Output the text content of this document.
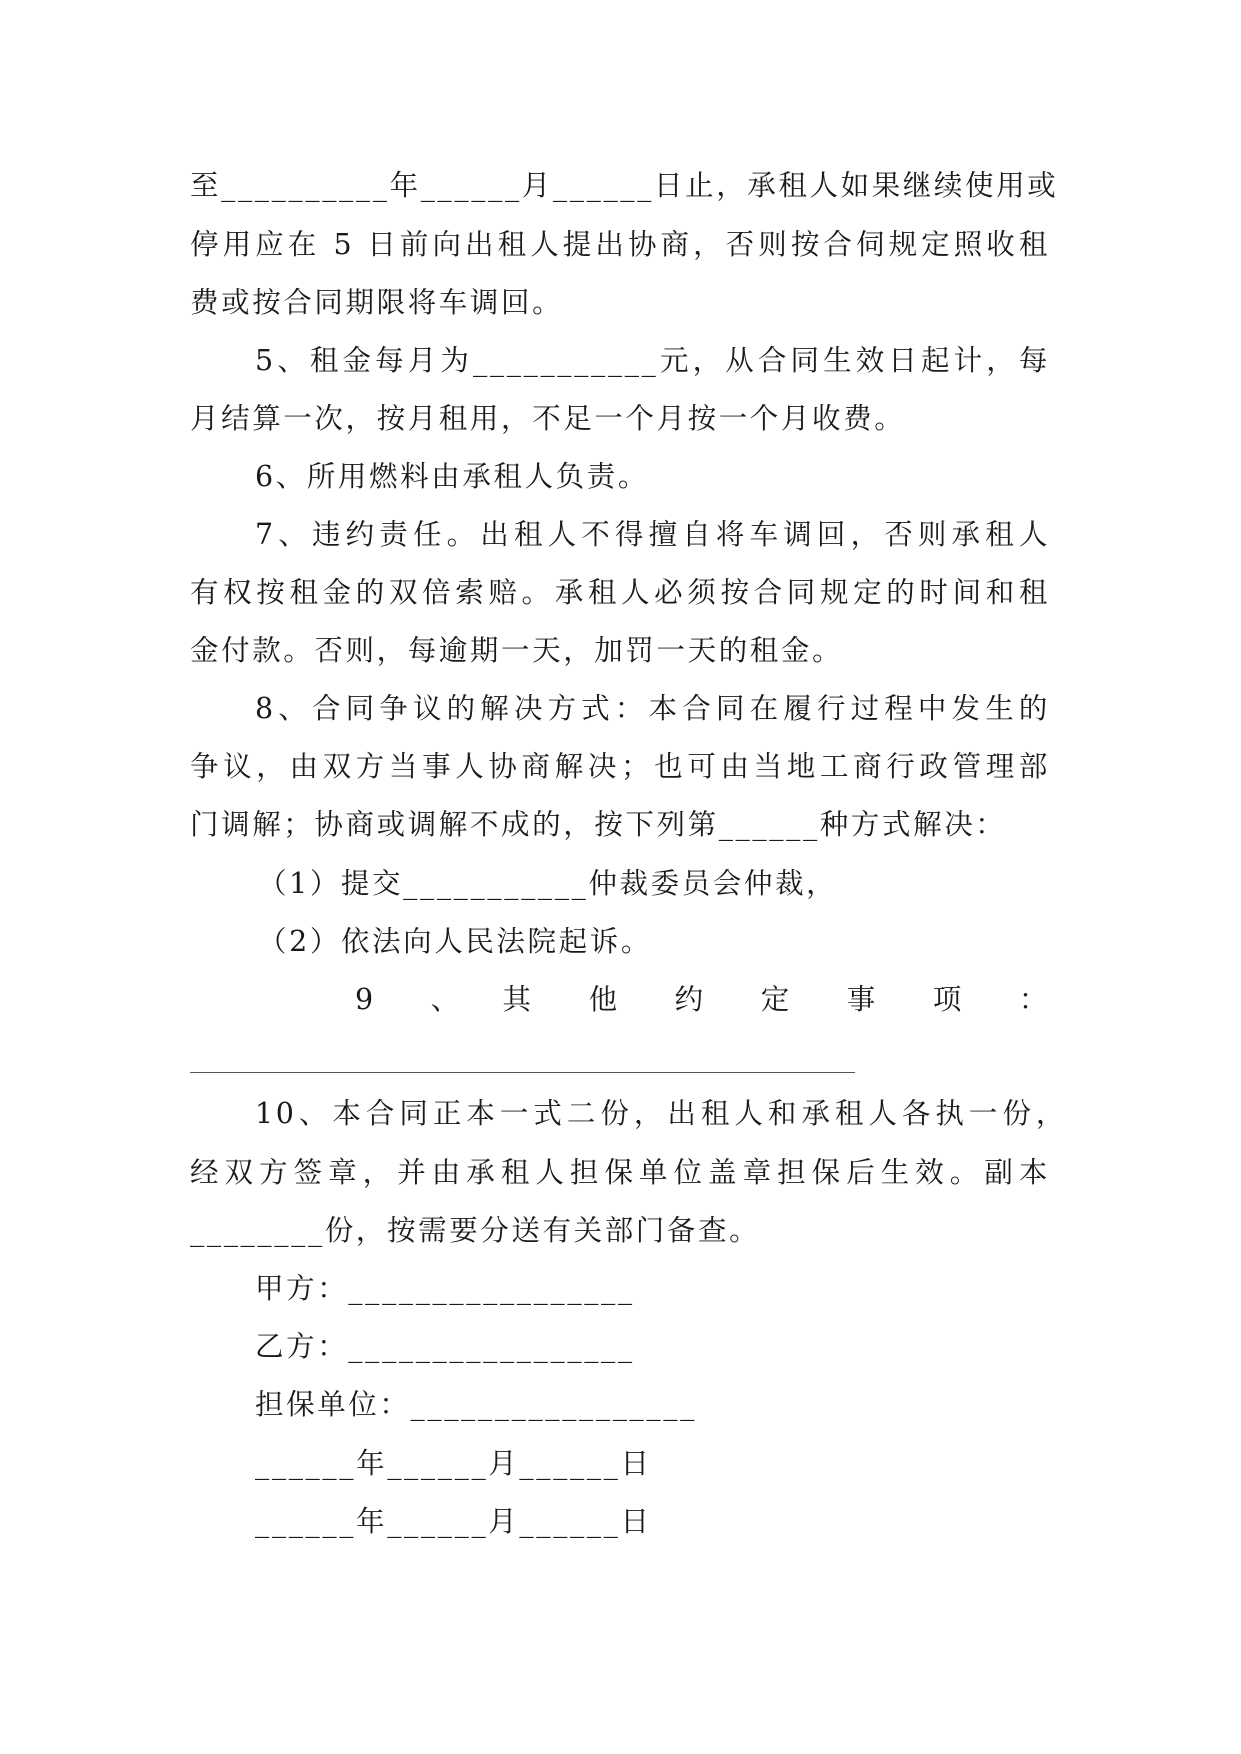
至__________年______月______日止，承租人如果继续使用或
停用应在 5 日前向出租人提出协商，否则按合伺规定照收租
费或按合同期限将车调回。
5、租金每月为___________元，从合同生效日起计，每
月结算一次，按月租用，不足一个月按一个月收费。
6、所用燃料由承租人负责。
7、违约责任。出租人不得擅自将车调回，否则承租人
有权按租金的双倍索赔。承租人必须按合同规定的时间和租
金付款。否则，每逾期一天，加罚一天的租金。
8、合同争议的解决方式：本合同在履行过程中发生的
争议，由双方当事人协商解决；也可由当地工商行政管理部
门调解；协商或调解不成的，按下列第______种方式解决：
（1）提交___________仲裁委员会仲裁，
（2）依法向人民法院起诉。
9　、　其　他　约　定　事　项　：
10、本合同正本一式二份，出租人和承租人各执一份，
经双方签章，并由承租人担保单位盖章担保后生效。副本
________份，按需要分送有关部门备查。
甲方：_________________
乙方：_________________
担保单位：_________________
______年______月______日
______年______月______日
